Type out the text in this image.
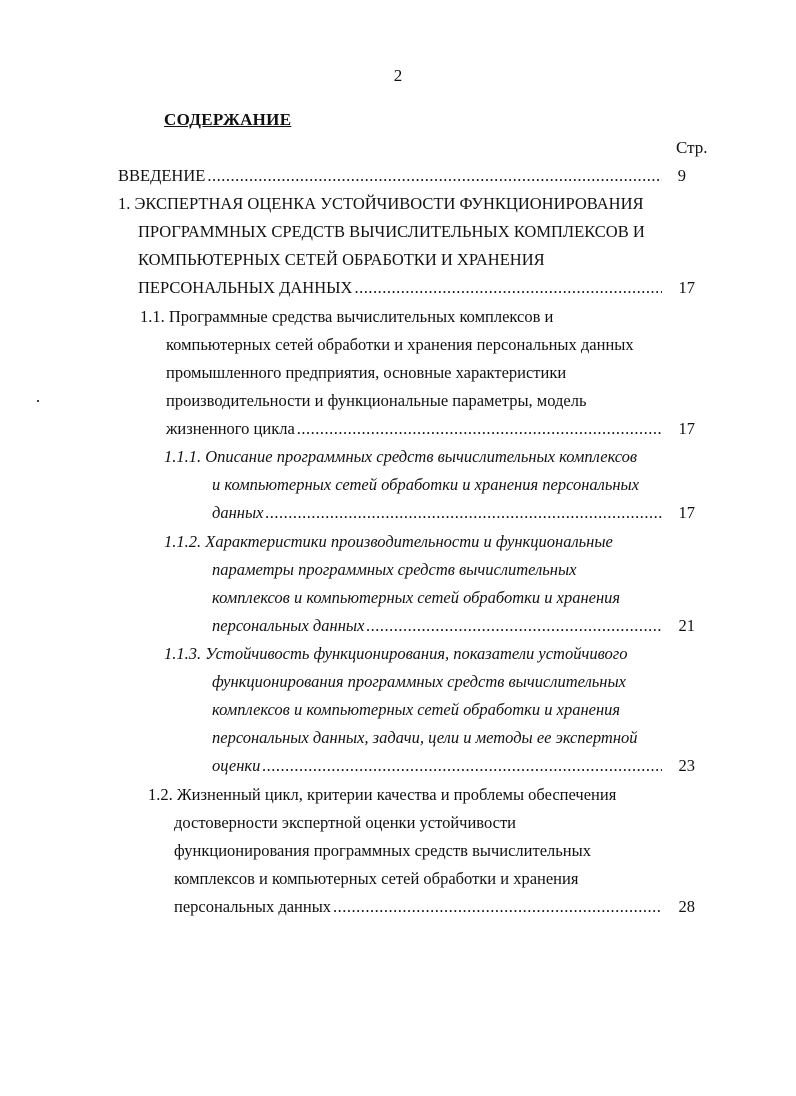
2
СОДЕРЖАНИЕ
Стр.
ВВЕДЕНИЕ .....	9
1. ЭКСПЕРТНАЯ ОЦЕНКА УСТОЙЧИВОСТИ ФУНКЦИОНИРОВАНИЯ
ПРОГРАММНЫХ СРЕДСТВ ВЫЧИСЛИТЕЛЬНЫХ КОМПЛЕКСОВ И
КОМПЬЮТЕРНЫХ СЕТЕЙ ОБРАБОТКИ И ХРАНЕНИЯ
ПЕРСОНАЛЬНЫХ ДАННЫХ .....	17
1.1. Программные средства вычислительных комплексов и
компьютерных сетей обработки и хранения персональных данных
промышленного предприятия, основные характеристики
производительности и функциональные параметры, модель
жизненного цикла .....	17
1.1.1. Описание программных средств вычислительных комплексов
и компьютерных сетей обработки и хранения персональных
данных .....	17
1.1.2. Характеристики производительности и функциональные
параметры программных средств вычислительных
комплексов и компьютерных сетей обработки и хранения
персональных данных .....	21
1.1.3. Устойчивость функционирования, показатели устойчивого
функционирования программных средств вычислительных
комплексов и компьютерных сетей обработки и хранения
персональных данных, задачи, цели и методы ее экспертной
оценки .....	23
1.2. Жизненный цикл, критерии качества и проблемы обеспечения
достоверности экспертной оценки устойчивости
функционирования программных средств вычислительных
комплексов и компьютерных сетей обработки и хранения
персональных данных .....	28
